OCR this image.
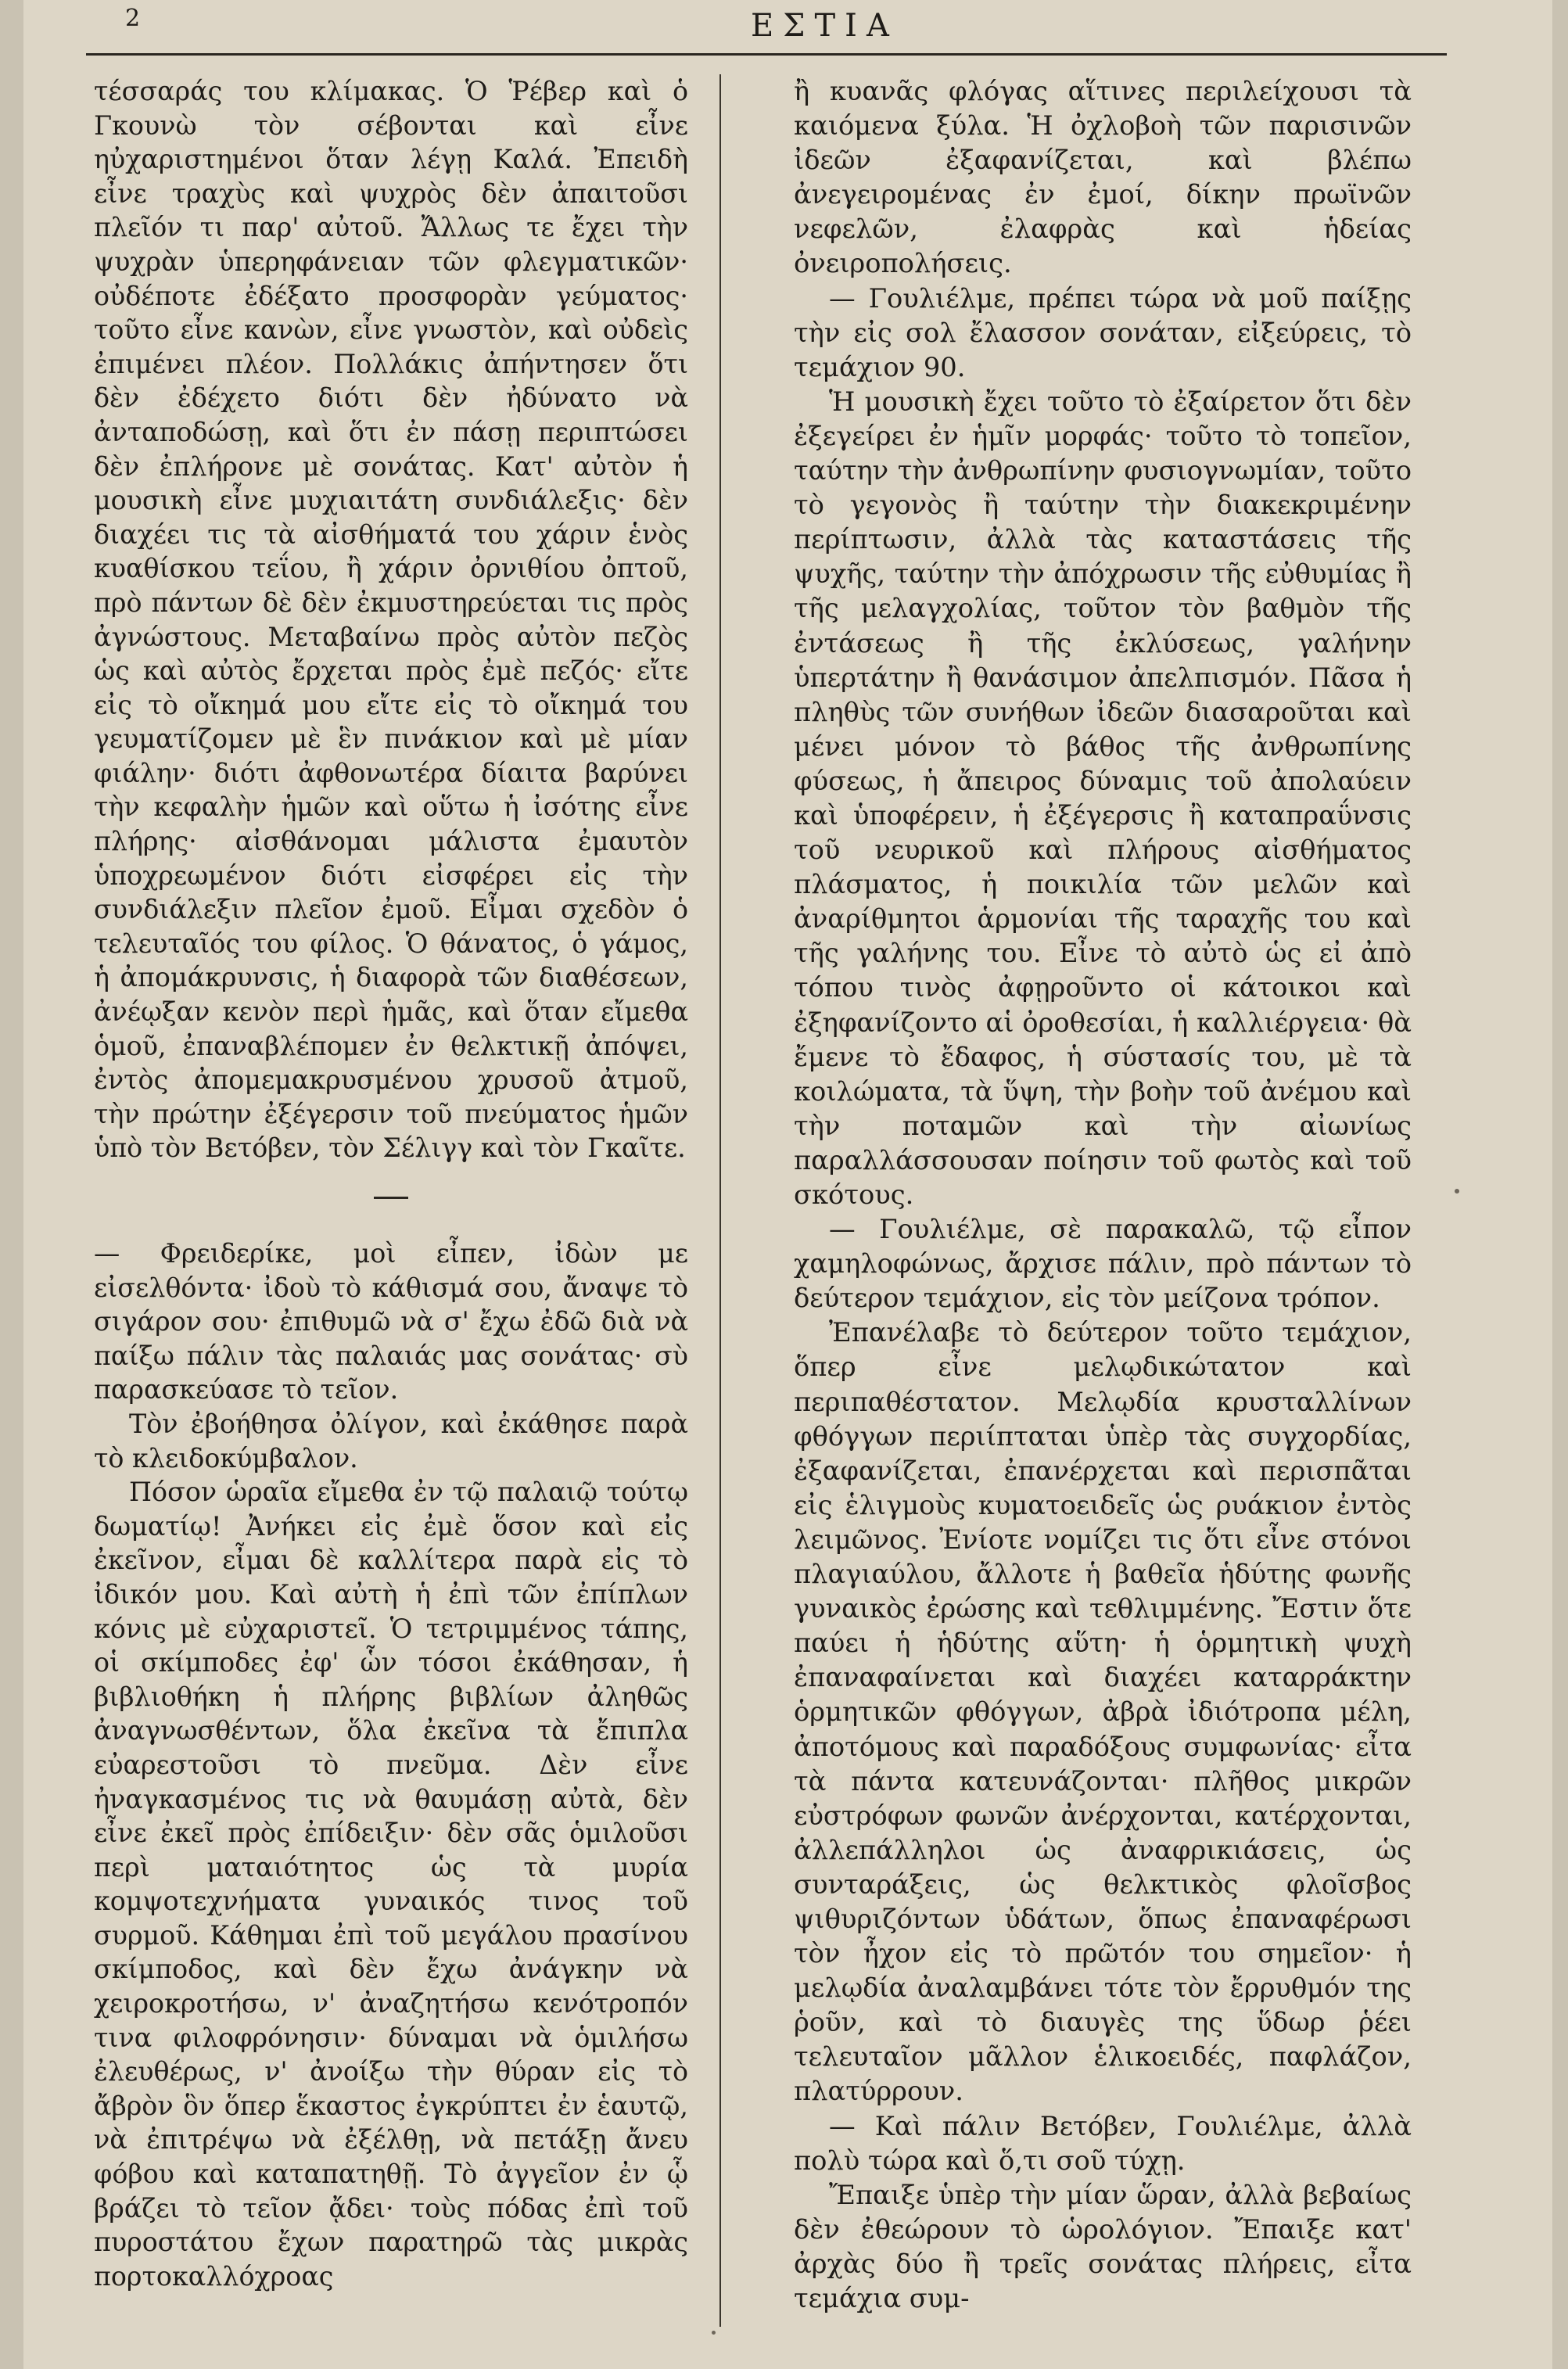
2	ΕΣΤΙΑ

τέσσαράς του κλίμακας. Ὁ Ῥέβερ καὶ ὁ Γκουνὼ τὸν σέβονται καὶ εἶνε ηὐχαριστημένοι ὅταν λέγῃ Καλά. Ἐπειδὴ εἶνε τραχὺς καὶ ψυχρὸς δὲν ἀπαιτοῦσι πλεῖόν τι παρ' αὐτοῦ. Ἄλλως τε ἔχει τὴν ψυχρὰν ὑπερηφάνειαν τῶν φλεγματικῶν· οὐδέποτε ἐδέξατο προσφορὰν γεύματος· τοῦτο εἶνε κανὼν, εἶνε γνωστὸν, καὶ οὐδεὶς ἐπιμένει πλέον. Πολλάκις ἀπήντησεν ὅτι δὲν ἐδέχετο διότι δὲν ἠδύνατο νὰ ἀνταποδώσῃ, καὶ ὅτι ἐν πάσῃ περιπτώσει δὲν ἐπλήρονε μὲ σονάτας. Κατ' αὐτὸν ἡ μουσικὴ εἶνε μυχιαιτάτη συνδιάλεξις· δὲν διαχέει τις τὰ αἰσθήματά του χάριν ἑνὸς κυαθίσκου τεΐου, ἢ χάριν ὀρνιθίου ὀπτοῦ, πρὸ πάντων δὲ δὲν ἐκμυστηρεύεται τις πρὸς ἀγνώστους. Μεταβαίνω πρὸς αὐτὸν πεζὸς ὡς καὶ αὐτὸς ἔρχεται πρὸς ἐμὲ πεζός· εἴτε εἰς τὸ οἴκημά μου εἴτε εἰς τὸ οἴκημά του γευματίζομεν μὲ ἓν πινάκιον καὶ μὲ μίαν φιάλην· διότι ἀφθονωτέρα δίαιτα βαρύνει τὴν κεφαλὴν ἡμῶν καὶ οὕτω ἡ ἰσότης εἶνε πλήρης· αἰσθάνομαι μάλιστα ἐμαυτὸν ὑποχρεωμένον διότι εἰσφέρει εἰς τὴν συνδιάλεξιν πλεῖον ἐμοῦ. Εἶμαι σχεδὸν ὁ τελευταῖός του φίλος. Ὁ θάνατος, ὁ γάμος, ἡ ἀπομάκρυνσις, ἡ διαφορὰ τῶν διαθέσεων, ἀνέῳξαν κενὸν περὶ ἡμᾶς, καὶ ὅταν εἴμεθα ὁμοῦ, ἐπαναβλέπομεν ἐν θελκτικῇ ἀπόψει, ἐντὸς ἀπομεμακρυσμένου χρυσοῦ ἀτμοῦ, τὴν πρώτην ἐξέγερσιν τοῦ πνεύματος ἡμῶν ὑπὸ τὸν Βετόβεν, τὸν Σέλιγγ καὶ τὸν Γκαῖτε.

— Φρειδερίκε, μοὶ εἶπεν, ἰδὼν με εἰσελθόντα· ἰδοὺ τὸ κάθισμά σου, ἄναψε τὸ σιγάρον σου· ἐπιθυμῶ νὰ σ' ἔχω ἐδῶ διὰ νὰ παίξω πάλιν τὰς παλαιάς μας σονάτας· σὺ παρασκεύασε τὸ τεῖον.

Τὸν ἐβοήθησα ὀλίγον, καὶ ἐκάθησε παρὰ τὸ κλειδοκύμβαλον.

Πόσον ὡραῖα εἴμεθα ἐν τῷ παλαιῷ τούτῳ δωματίῳ! Ἀνήκει εἰς ἐμὲ ὅσον καὶ εἰς ἐκεῖνον, εἶμαι δὲ καλλίτερα παρὰ εἰς τὸ ἰδικόν μου. Καὶ αὐτὴ ἡ ἐπὶ τῶν ἐπίπλων κόνις μὲ εὐχαριστεῖ. Ὁ τετριμμένος τάπης, οἱ σκίμποδες ἐφ' ὧν τόσοι ἐκάθησαν, ἡ βιβλιοθήκη ἡ πλήρης βιβλίων ἀληθῶς ἀναγνωσθέντων, ὅλα ἐκεῖνα τὰ ἔπιπλα εὐαρεστοῦσι τὸ πνεῦμα. Δὲν εἶνε ἠναγκασμένος τις νὰ θαυμάσῃ αὐτὰ, δὲν εἶνε ἐκεῖ πρὸς ἐπίδειξιν· δὲν σᾶς ὁμιλοῦσι περὶ ματαιότητος ὡς τὰ μυρία κομψοτεχνήματα γυναικός τινος τοῦ συρμοῦ. Κάθημαι ἐπὶ τοῦ μεγάλου πρασίνου σκίμποδος, καὶ δὲν ἔχω ἀνάγκην νὰ χειροκροτήσω, ν' ἀναζητήσω κενότροπόν τινα φιλοφρόνησιν· δύναμαι νὰ ὁμιλήσω ἐλευθέρως, ν' ἀνοίξω τὴν θύραν εἰς τὸ ἄβρὸν ὃν ὅπερ ἕκαστος ἐγκρύπτει ἐν ἑαυτῷ, νὰ ἐπιτρέψω νὰ ἐξέλθῃ, νὰ πετάξῃ ἄνευ φόβου καὶ καταπατηθῇ. Τὸ ἀγγεῖον ἐν ᾧ βράζει τὸ τεῖον ᾄδει· τοὺς πόδας ἐπὶ τοῦ πυροστάτου ἔχων παρατηρῶ τὰς μικρὰς πορτοκαλλόχροας

ἢ κυανᾶς φλόγας αἵτινες περιλείχουσι τὰ καιόμενα ξύλα. Ἡ ὀχλοβοὴ τῶν παρισινῶν ἰδεῶν ἐξαφανίζεται, καὶ βλέπω ἀνεγειρομένας ἐν ἐμοί, δίκην πρωϊνῶν νεφελῶν, ἐλαφρὰς καὶ ἡδείας ὀνειροπολήσεις.

— Γουλιέλμε, πρέπει τώρα νὰ μοῦ παίξῃς τὴν εἰς σολ ἔλασσον σονάταν, εἰξεύρεις, τὸ τεμάχιον 90.

Ἡ μουσικὴ ἔχει τοῦτο τὸ ἐξαίρετον ὅτι δὲν ἐξεγείρει ἐν ἡμῖν μορφάς· τοῦτο τὸ τοπεῖον, ταύτην τὴν ἀνθρωπίνην φυσιογνωμίαν, τοῦτο τὸ γεγονὸς ἢ ταύτην τὴν διακεκριμένην περίπτωσιν, ἀλλὰ τὰς καταστάσεις τῆς ψυχῆς, ταύτην τὴν ἀπόχρωσιν τῆς εὐθυμίας ἢ τῆς μελαγχολίας, τοῦτον τὸν βαθμὸν τῆς ἐντάσεως ἢ τῆς ἐκλύσεως, γαλήνην ὑπερτάτην ἢ θανάσιμον ἀπελπισμόν. Πᾶσα ἡ πληθὺς τῶν συνήθων ἰδεῶν διασαροῦται καὶ μένει μόνον τὸ βάθος τῆς ἀνθρωπίνης φύσεως, ἡ ἄπειρος δύναμις τοῦ ἀπολαύειν καὶ ὑποφέρειν, ἡ ἐξέγερσις ἢ καταπραΰνσις τοῦ νευρικοῦ καὶ πλήρους αἰσθήματος πλάσματος, ἡ ποικιλία τῶν μελῶν καὶ ἀναρίθμητοι ἁρμονίαι τῆς ταραχῆς του καὶ τῆς γαλήνης του. Εἶνε τὸ αὐτὸ ὡς εἰ ἀπὸ τόπου τινὸς ἀφῃροῦντο οἱ κάτοικοι καὶ ἐξηφανίζοντο αἱ ὀροθεσίαι, ἡ καλλιέργεια· θὰ ἔμενε τὸ ἔδαφος, ἡ σύστασίς του, μὲ τὰ κοιλώματα, τὰ ὕψη, τὴν βοὴν τοῦ ἀνέμου καὶ τὴν ποταμῶν καὶ τὴν αἰωνίως παραλλάσσουσαν ποίησιν τοῦ φωτὸς καὶ τοῦ σκότους.

— Γουλιέλμε, σὲ παρακαλῶ, τῷ εἶπον χαμηλοφώνως, ἄρχισε πάλιν, πρὸ πάντων τὸ δεύτερον τεμάχιον, εἰς τὸν μείζονα τρόπον.

Ἐπανέλαβε τὸ δεύτερον τοῦτο τεμάχιον, ὅπερ εἶνε μελῳδικώτατον καὶ περιπαθέστατον. Μελῳδία κρυσταλλίνων φθόγγων περιίπταται ὑπὲρ τὰς συγχορδίας, ἐξαφανίζεται, ἐπανέρχεται καὶ περισπᾶται εἰς ἑλιγμοὺς κυματοειδεῖς ὡς ρυάκιον ἐντὸς λειμῶνος. Ἐνίοτε νομίζει τις ὅτι εἶνε στόνοι πλαγιαύλου, ἄλλοτε ἡ βαθεῖα ἡδύτης φωνῆς γυναικὸς ἐρώσης καὶ τεθλιμμένης. Ἔστιν ὅτε παύει ἡ ἡδύτης αὕτη· ἡ ὁρμητικὴ ψυχὴ ἐπαναφαίνεται καὶ διαχέει καταρράκτην ὁρμητικῶν φθόγγων, ἀβρὰ ἰδιότροπα μέλη, ἀποτόμους καὶ παραδόξους συμφωνίας· εἶτα τὰ πάντα κατευνάζονται· πλῆθος μικρῶν εὐστρόφων φωνῶν ἀνέρχονται, κατέρχονται, ἀλλεπάλληλοι ὡς ἀναφρικιάσεις, ὡς συνταράξεις, ὡς θελκτικὸς φλοῖσβος ψιθυριζόντων ὑδάτων, ὅπως ἐπαναφέρωσι τὸν ἦχον εἰς τὸ πρῶτόν του σημεῖον· ἡ μελῳδία ἀναλαμβάνει τότε τὸν ἔρρυθμόν της ῥοῦν, καὶ τὸ διαυγὲς της ὕδωρ ῥέει τελευταῖον μᾶλλον ἑλικοειδές, παφλάζον, πλατύρρουν.

— Καὶ πάλιν Βετόβεν, Γουλιέλμε, ἀλλὰ πολὺ τώρα καὶ ὅ,τι σοῦ τύχῃ.

Ἔπαιξε ὑπὲρ τὴν μίαν ὥραν, ἀλλὰ βεβαίως δὲν ἐθεώρουν τὸ ὡρολόγιον. Ἔπαιξε κατ' ἀρχὰς δύο ἢ τρεῖς σονάτας πλήρεις, εἶτα τεμάχια συμ-
